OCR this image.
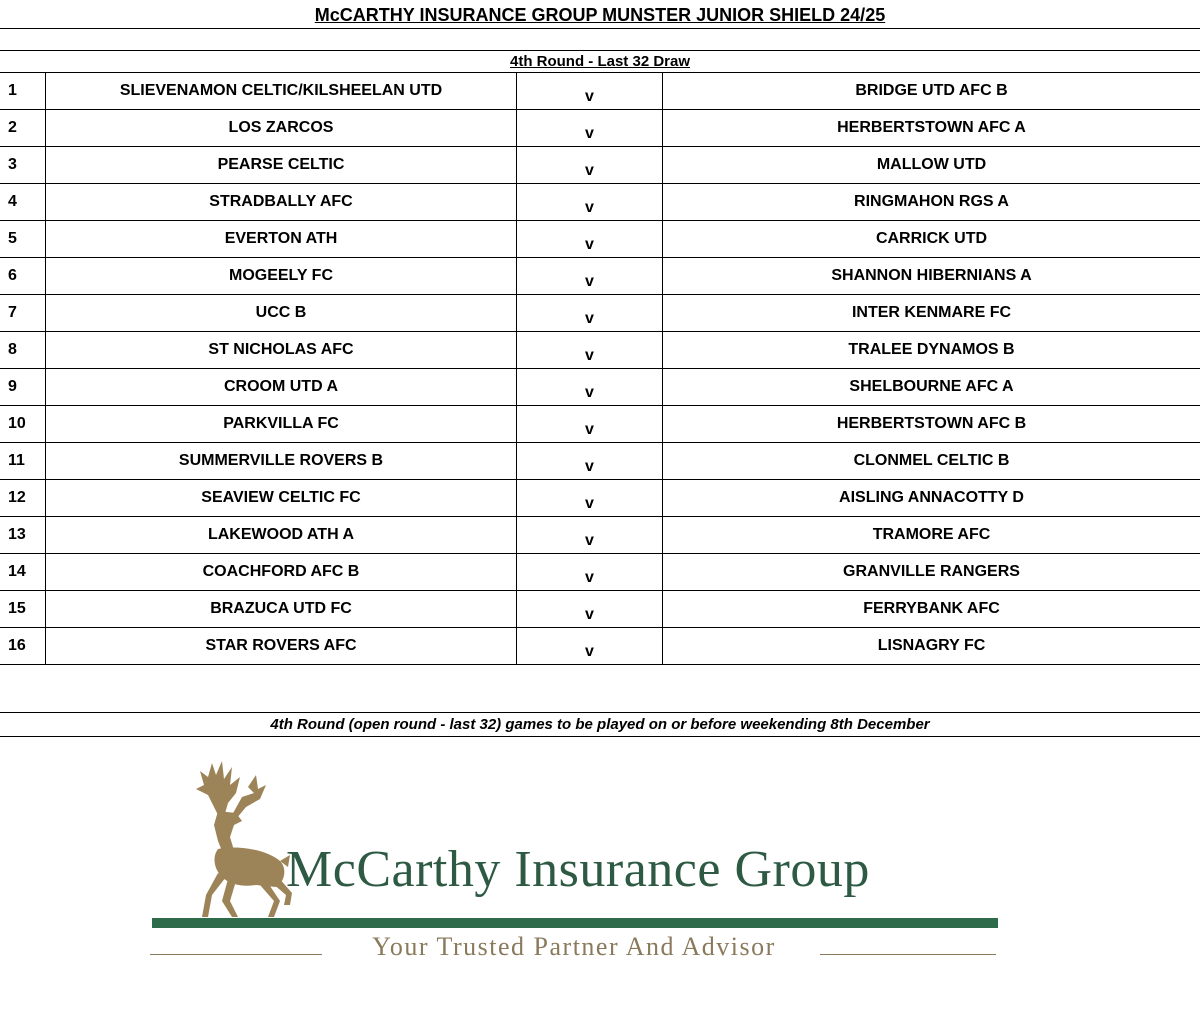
McCARTHY INSURANCE GROUP MUNSTER JUNIOR SHIELD 24/25
4th Round - Last 32 Draw
1	SLIEVENAMON CELTIC/KILSHEELAN UTD	v	BRIDGE UTD AFC B
2	LOS ZARCOS	v	HERBERTSTOWN AFC A
3	PEARSE CELTIC	v	MALLOW UTD
4	STRADBALLY AFC	v	RINGMAHON RGS A
5	EVERTON ATH	v	CARRICK UTD
6	MOGEELY FC	v	SHANNON HIBERNIANS A
7	UCC B	v	INTER KENMARE FC
8	ST NICHOLAS AFC	v	TRALEE DYNAMOS B
9	CROOM UTD A	v	SHELBOURNE AFC A
10	PARKVILLA FC	v	HERBERTSTOWN AFC B
11	SUMMERVILLE ROVERS B	v	CLONMEL CELTIC B
12	SEAVIEW CELTIC FC	v	AISLING ANNACOTTY D
13	LAKEWOOD ATH A	v	TRAMORE AFC
14	COACHFORD AFC B	v	GRANVILLE RANGERS
15	BRAZUCA UTD FC	v	FERRYBANK AFC
16	STAR ROVERS AFC	v	LISNAGRY FC
4th Round (open round - last 32) games to be played on or before weekending 8th December
McCarthy Insurance Group
Your Trusted Partner And Advisor
